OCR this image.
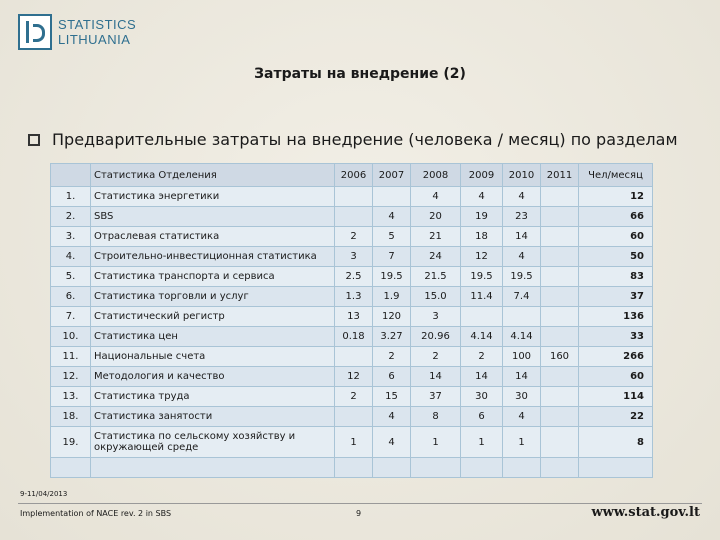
STATISTICS
LITHUANIA
Затраты на внедрение (2)
Предварительные затраты на внедрение (человека / месяц) по разделам
	Статистика Отделения	2006	2007	2008	2009	2010	2011	Чел/месяц
1.	Статистика энергетики			4	4	4		12
2.	SBS		4	20	19	23		66
3.	Отраслевая статистика	2	5	21	18	14		60
4.	Строительно-инвестиционная статистика	3	7	24	12	4		50
5.	Статистика транспорта и сервиса	2.5	19.5	21.5	19.5	19.5		83
6.	Статистика торговли и услуг	1.3	1.9	15.0	11.4	7.4		37
7.	Статистический регистр	13	120	3				136
10.	Статистика цен	0.18	3.27	20.96	4.14	4.14		33
11.	Национальные счета		2	2	2	100	160	266
12.	Методология и качество	12	6	14	14	14		60
13.	Статистика труда	2	15	37	30	30		114
18.	Статистика занятости		4	8	6	4		22
19.	Статистика по сельскому хозяйству и окружающей среде	1	4	1	1	1		8

9-11/04/2013
Implementation of NACE rev. 2 in SBS	9	www.stat.gov.lt
